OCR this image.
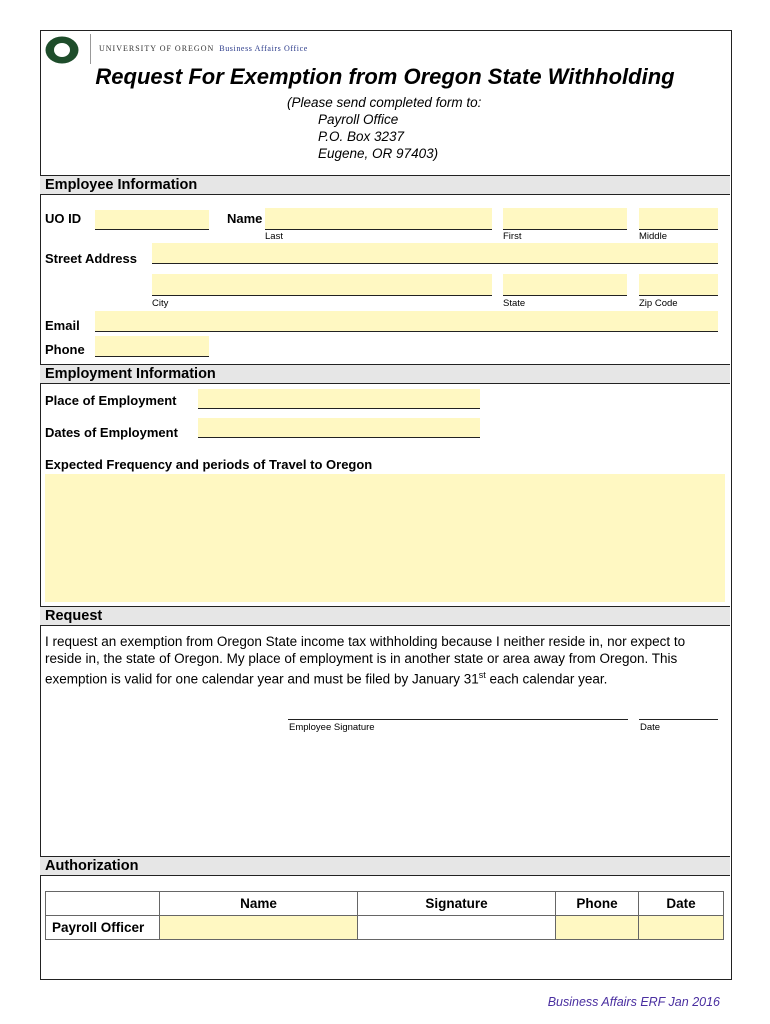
UNIVERSITY OF OREGON Business Affairs Office
Request For Exemption from Oregon State Withholding
(Please send completed form to:
Payroll Office
P.O. Box 3237
Eugene, OR 97403)
Employee Information
UO ID	Name
Last	First	Middle
Street Address
City	State	Zip Code
Email
Phone
Employment Information
Place of Employment
Dates of Employment
Expected Frequency and periods of Travel to Oregon
Request
I request an exemption from Oregon State income tax withholding because I neither reside in, nor expect to reside in, the state of Oregon. My place of employment is in another state or area away from Oregon. This exemption is valid for one calendar year and must be filed by January 31st each calendar year.
Employee Signature	Date
Authorization
	Name	Signature	Phone	Date
Payroll Officer				
Business Affairs ERF Jan 2016
